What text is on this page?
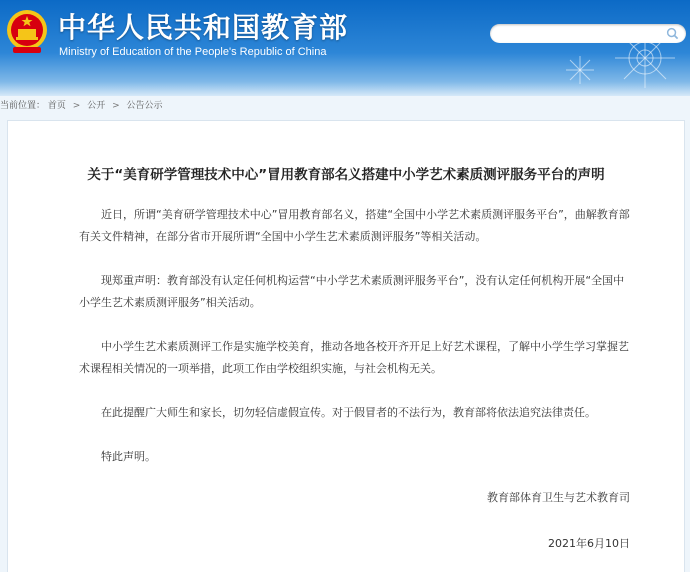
中华人民共和国教育部
Ministry of Education of the People's Republic of China
当前位置： 首页 > 公开 > 公告公示
关于“美育研学管理技术中心”冒用教育部名义搭建中小学艺术素质测评服务平台的声明
近日，所谓“美育研学管理技术中心”冒用教育部名义，搭建“全国中小学艺术素质测评服务平台”，曲解教育部有关文件精神，在部分省市开展所谓“全国中小学生艺术素质测评服务”等相关活动。
现郑重声明：教育部没有认定任何机构运营“中小学艺术素质测评服务平台”，没有认定任何机构开展“全国中小学生艺术素质测评服务”相关活动。
中小学生艺术素质测评工作是实施学校美育，推动各地各校开齐开足上好艺术课程，了解中小学生学习掌握艺术课程相关情况的一项举措，此项工作由学校组织实施，与社会机构无关。
在此提醒广大师生和家长，切勿轻信虚假宣传。对于假冒者的不法行为，教育部将依法追究法律责任。
特此声明。
教育部体育卫生与艺术教育司
2021年6月10日
